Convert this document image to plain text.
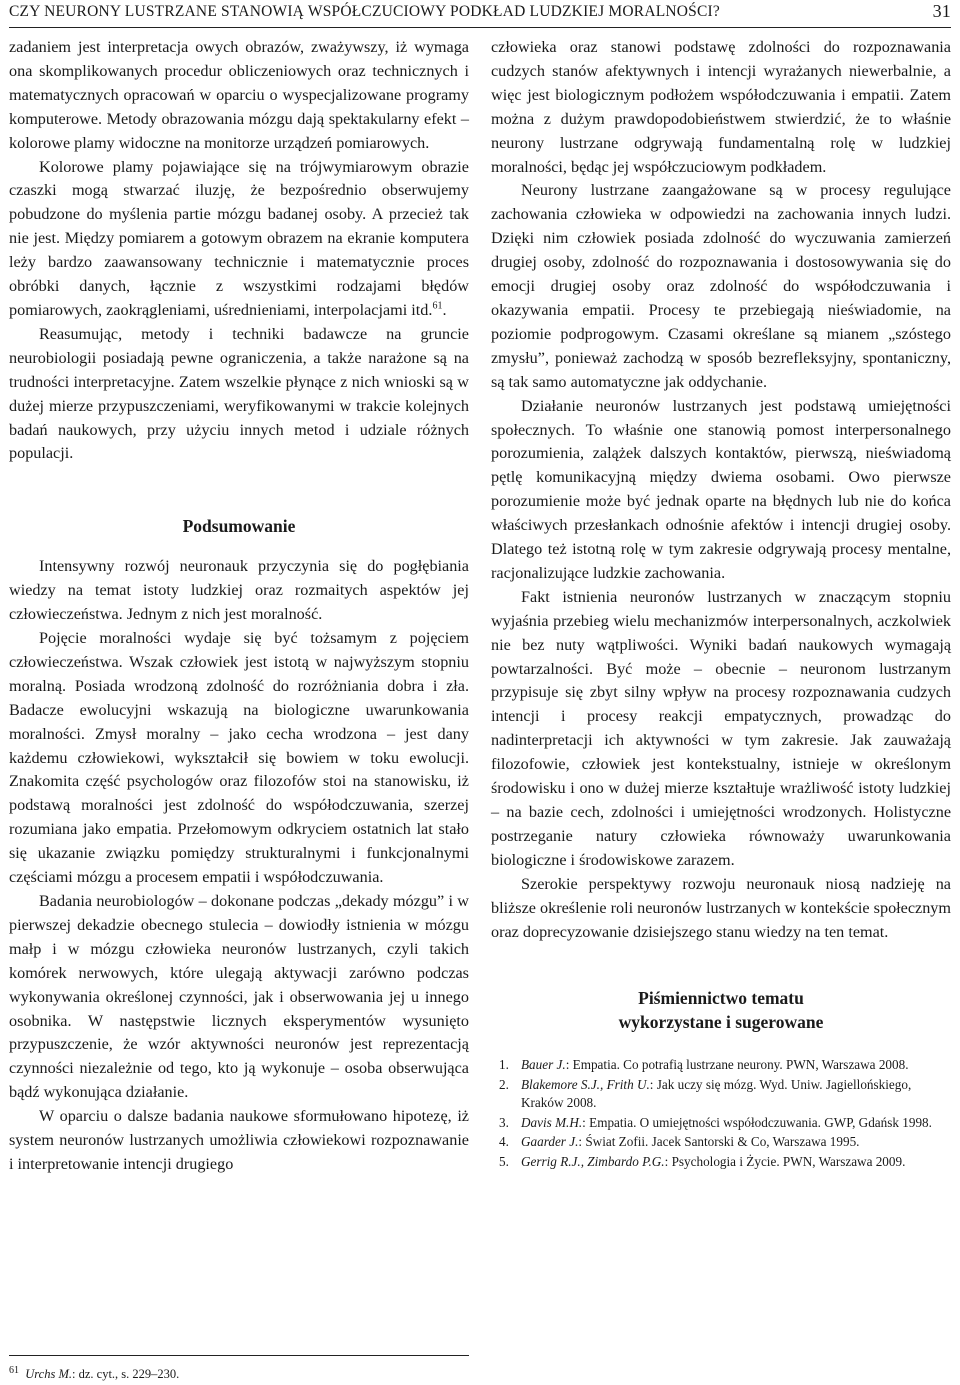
CZY NEURONY LUSTRZANE STANOWIĄ WSPÓŁCZUCIOWY PODKŁAD LUDZKIEJ MORALNOŚCI?	31

zadaniem jest interpretacja owych obrazów, zważywszy, iż wymaga ona skomplikowanych procedur obliczeniowych oraz technicznych i matematycznych opracowań w oparciu o wyspecjalizowane programy komputerowe. Metody obrazowania mózgu dają spektakularny efekt – kolorowe plamy widoczne na monitorze urządzeń pomiarowych.

Kolorowe plamy pojawiające się na trójwymiarowym obrazie czaszki mogą stwarzać iluzję, że bezpośrednio obserwujemy pobudzone do myślenia partie mózgu badanej osoby. A przecież tak nie jest. Między pomiarem a gotowym obrazem na ekranie komputera leży bardzo zaawansowany technicznie i matematycznie proces obróbki danych, łącznie z wszystkimi rodzajami błędów pomiarowych, zaokrągleniami, uśrednieniami, interpolacjami itd.$^{61}$.

Reasumując, metody i techniki badawcze na gruncie neurobiologii posiadają pewne ograniczenia, a także narażone są na trudności interpretacyjne. Zatem wszelkie płynące z nich wnioski są w dużej mierze przypuszczeniami, weryfikowanymi w trakcie kolejnych badań naukowych, przy użyciu innych metod i udziale różnych populacji.

Podsumowanie

Intensywny rozwój neuronauk przyczynia się do pogłębiania wiedzy na temat istoty ludzkiej oraz rozmaitych aspektów jej człowieczeństwa. Jednym z nich jest moralność.

Pojęcie moralności wydaje się być tożsamym z pojęciem człowieczeństwa. Wszak człowiek jest istotą w najwyższym stopniu moralną. Posiada wrodzoną zdolność do rozróżniania dobra i zła. Badacze ewolucyjni wskazują na biologiczne uwarunkowania moralności. Zmysł moralny – jako cecha wrodzona – jest dany każdemu człowiekowi, wykształcił się bowiem w toku ewolucji. Znakomita część psychologów oraz filozofów stoi na stanowisku, iż podstawą moralności jest zdolność do współodczuwania, szerzej rozumiana jako empatia. Przełomowym odkryciem ostatnich lat stało się ukazanie związku pomiędzy strukturalnymi i funkcjonalnymi częściami mózgu a procesem empatii i współodczuwania.

Badania neurobiologów – dokonane podczas „dekady mózgu” i w pierwszej dekadzie obecnego stulecia – dowiodły istnienia w mózgu małp i w mózgu człowieka neuronów lustrzanych, czyli takich komórek nerwowych, które ulegają aktywacji zarówno podczas wykonywania określonej czynności, jak i obserwowania jej u innego osobnika. W następstwie licznych eksperymentów wysunięto przypuszczenie, że wzór aktywności neuronów jest reprezentacją czynności niezależnie od tego, kto ją wykonuje – osoba obserwująca bądź wykonująca działanie.

W oparciu o dalsze badania naukowe sformułowano hipotezę, iż system neuronów lustrzanych umożliwia człowiekowi rozpoznawanie i interpretowanie intencji drugiego

$^{61}$ Urchs M.: dz. cyt., s. 229–230.

człowieka oraz stanowi podstawę zdolności do rozpoznawania cudzych stanów afektywnych i intencji wyrażanych niewerbalnie, a więc jest biologicznym podłożem współodczuwania i empatii. Zatem można z dużym prawdopodobieństwem stwierdzić, że to właśnie neurony lustrzane odgrywają fundamentalną rolę w ludzkiej moralności, będąc jej współczuciowym podkładem.

Neurony lustrzane zaangażowane są w procesy regulujące zachowania człowieka w odpowiedzi na zachowania innych ludzi. Dzięki nim człowiek posiada zdolność do wyczuwania zamierzeń drugiej osoby, zdolność do rozpoznawania i dostosowywania się do emocji drugiej osoby oraz zdolność do współodczuwania i okazywania empatii. Procesy te przebiegają nieświadomie, na poziomie podprogowym. Czasami określane są mianem „szóstego zmysłu”, ponieważ zachodzą w sposób bezrefleksyjny, spontaniczny, są tak samo automatyczne jak oddychanie.

Działanie neuronów lustrzanych jest podstawą umiejętności społecznych. To właśnie one stanowią pomost interpersonalnego porozumienia, zalążek dalszych kontaktów, pierwszą, nieświadomą pętlę komunikacyjną między dwiema osobami. Owo pierwsze porozumienie może być jednak oparte na błędnych lub nie do końca właściwych przesłankach odnośnie afektów i intencji drugiej osoby. Dlatego też istotną rolę w tym zakresie odgrywają procesy mentalne, racjonalizujące ludzkie zachowania.

Fakt istnienia neuronów lustrzanych w znaczącym stopniu wyjaśnia przebieg wielu mechanizmów interpersonalnych, aczkolwiek nie bez nuty wątpliwości. Wyniki badań naukowych wymagają powtarzalności. Być może – obecnie – neuronom lustrzanym przypisuje się zbyt silny wpływ na procesy rozpoznawania cudzych intencji i procesy reakcji empatycznych, prowadząc do nadinterpretacji ich aktywności w tym zakresie. Jak zauważają filozofowie, człowiek jest kontekstualny, istnieje w określonym środowisku i ono w dużej mierze kształtuje wrażliwość istoty ludzkiej – na bazie cech, zdolności i umiejętności wrodzonych. Holistyczne postrzeganie natury człowieka równoważy uwarunkowania biologiczne i środowiskowe zarazem.

Szerokie perspektywy rozwoju neuronauk niosą nadzieję na bliższe określenie roli neuronów lustrzanych w kontekście społecznym oraz doprecyzowanie dzisiejszego stanu wiedzy na ten temat.

Piśmiennictwo tematu
wykorzystane i sugerowane
1. Bauer J.: Empatia. Co potrafią lustrzane neurony. PWN, Warszawa 2008.
2. Blakemore S.J., Frith U.: Jak uczy się mózg. Wyd. Uniw. Jagiellońskiego, Kraków 2008.
3. Davis M.H.: Empatia. O umiejętności współodczuwania. GWP, Gdańsk 1998.
4. Gaarder J.: Świat Zofii. Jacek Santorski & Co, Warszawa 1995.
5. Gerrig R.J., Zimbardo P.G.: Psychologia i Życie. PWN, Warszawa 2009.
